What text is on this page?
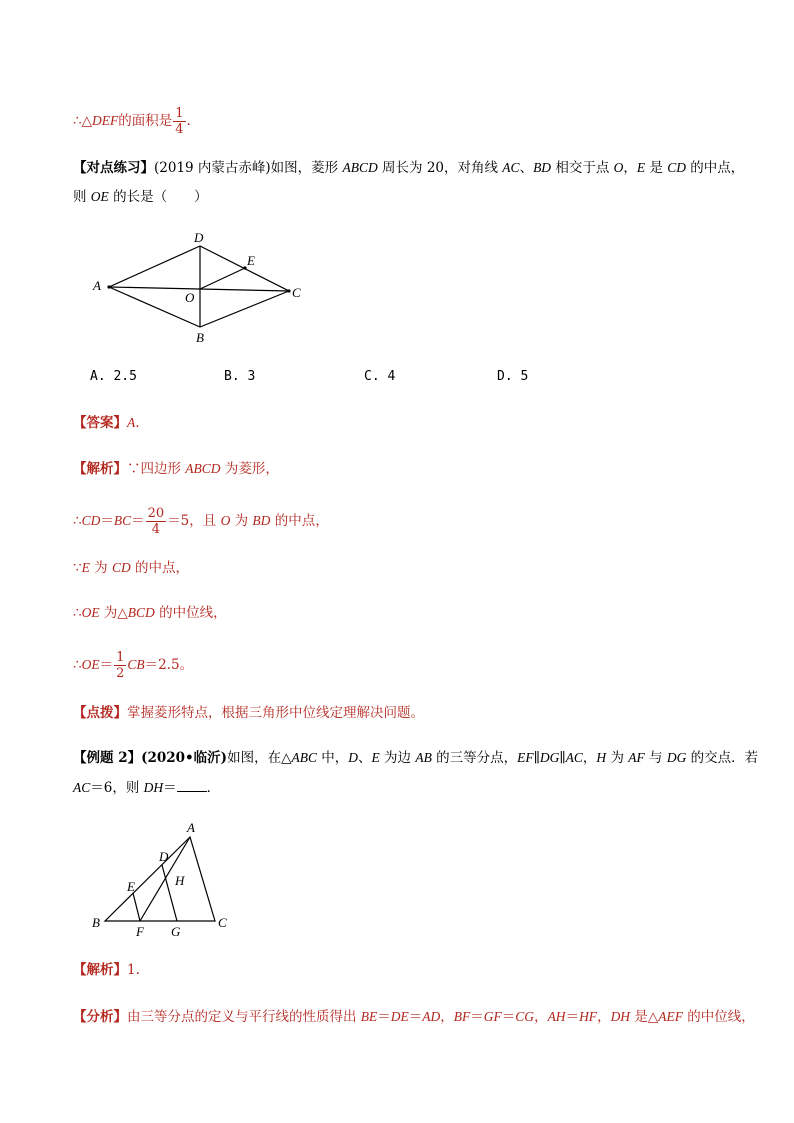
∴△DEF的面积是 $\frac{1}{4}$ .
【对点练习】(2019 内蒙古赤峰)如图，菱形 ABCD 周长为 20，对角线 AC、BD 相交于点 O，E 是 CD 的中点，
则 OE 的长是（　　）
A
D
E
O	C
B
A. 2.5	B. 3	C. 4	D. 5
【答案】A.
【解析】∵四边形 ABCD 为菱形，
∴CD＝BC＝ $\frac{20}{4} =5$，且 O 为 BD 的中点，
∵E 为 CD 的中点，
∴OE 为△BCD 的中位线，
∴OE＝ $\frac{1}{2} CB=2.5$。
【点拨】掌握菱形特点，根据三角形中位线定理解决问题。
【例题 2】(2020•临沂)如图，在△ABC 中，D、E 为边 AB 的三等分点，EF∥DG∥AC，H 为 AF 与 DG 的交点．若
AC＝6，则 DH＝ ．
A
D
H
E
B
F G
C
【解析】1.
【分析】由三等分点的定义与平行线的性质得出 BE＝DE＝AD，BF＝GF＝CG，AH＝HF，DH 是△AEF 的中位线，
